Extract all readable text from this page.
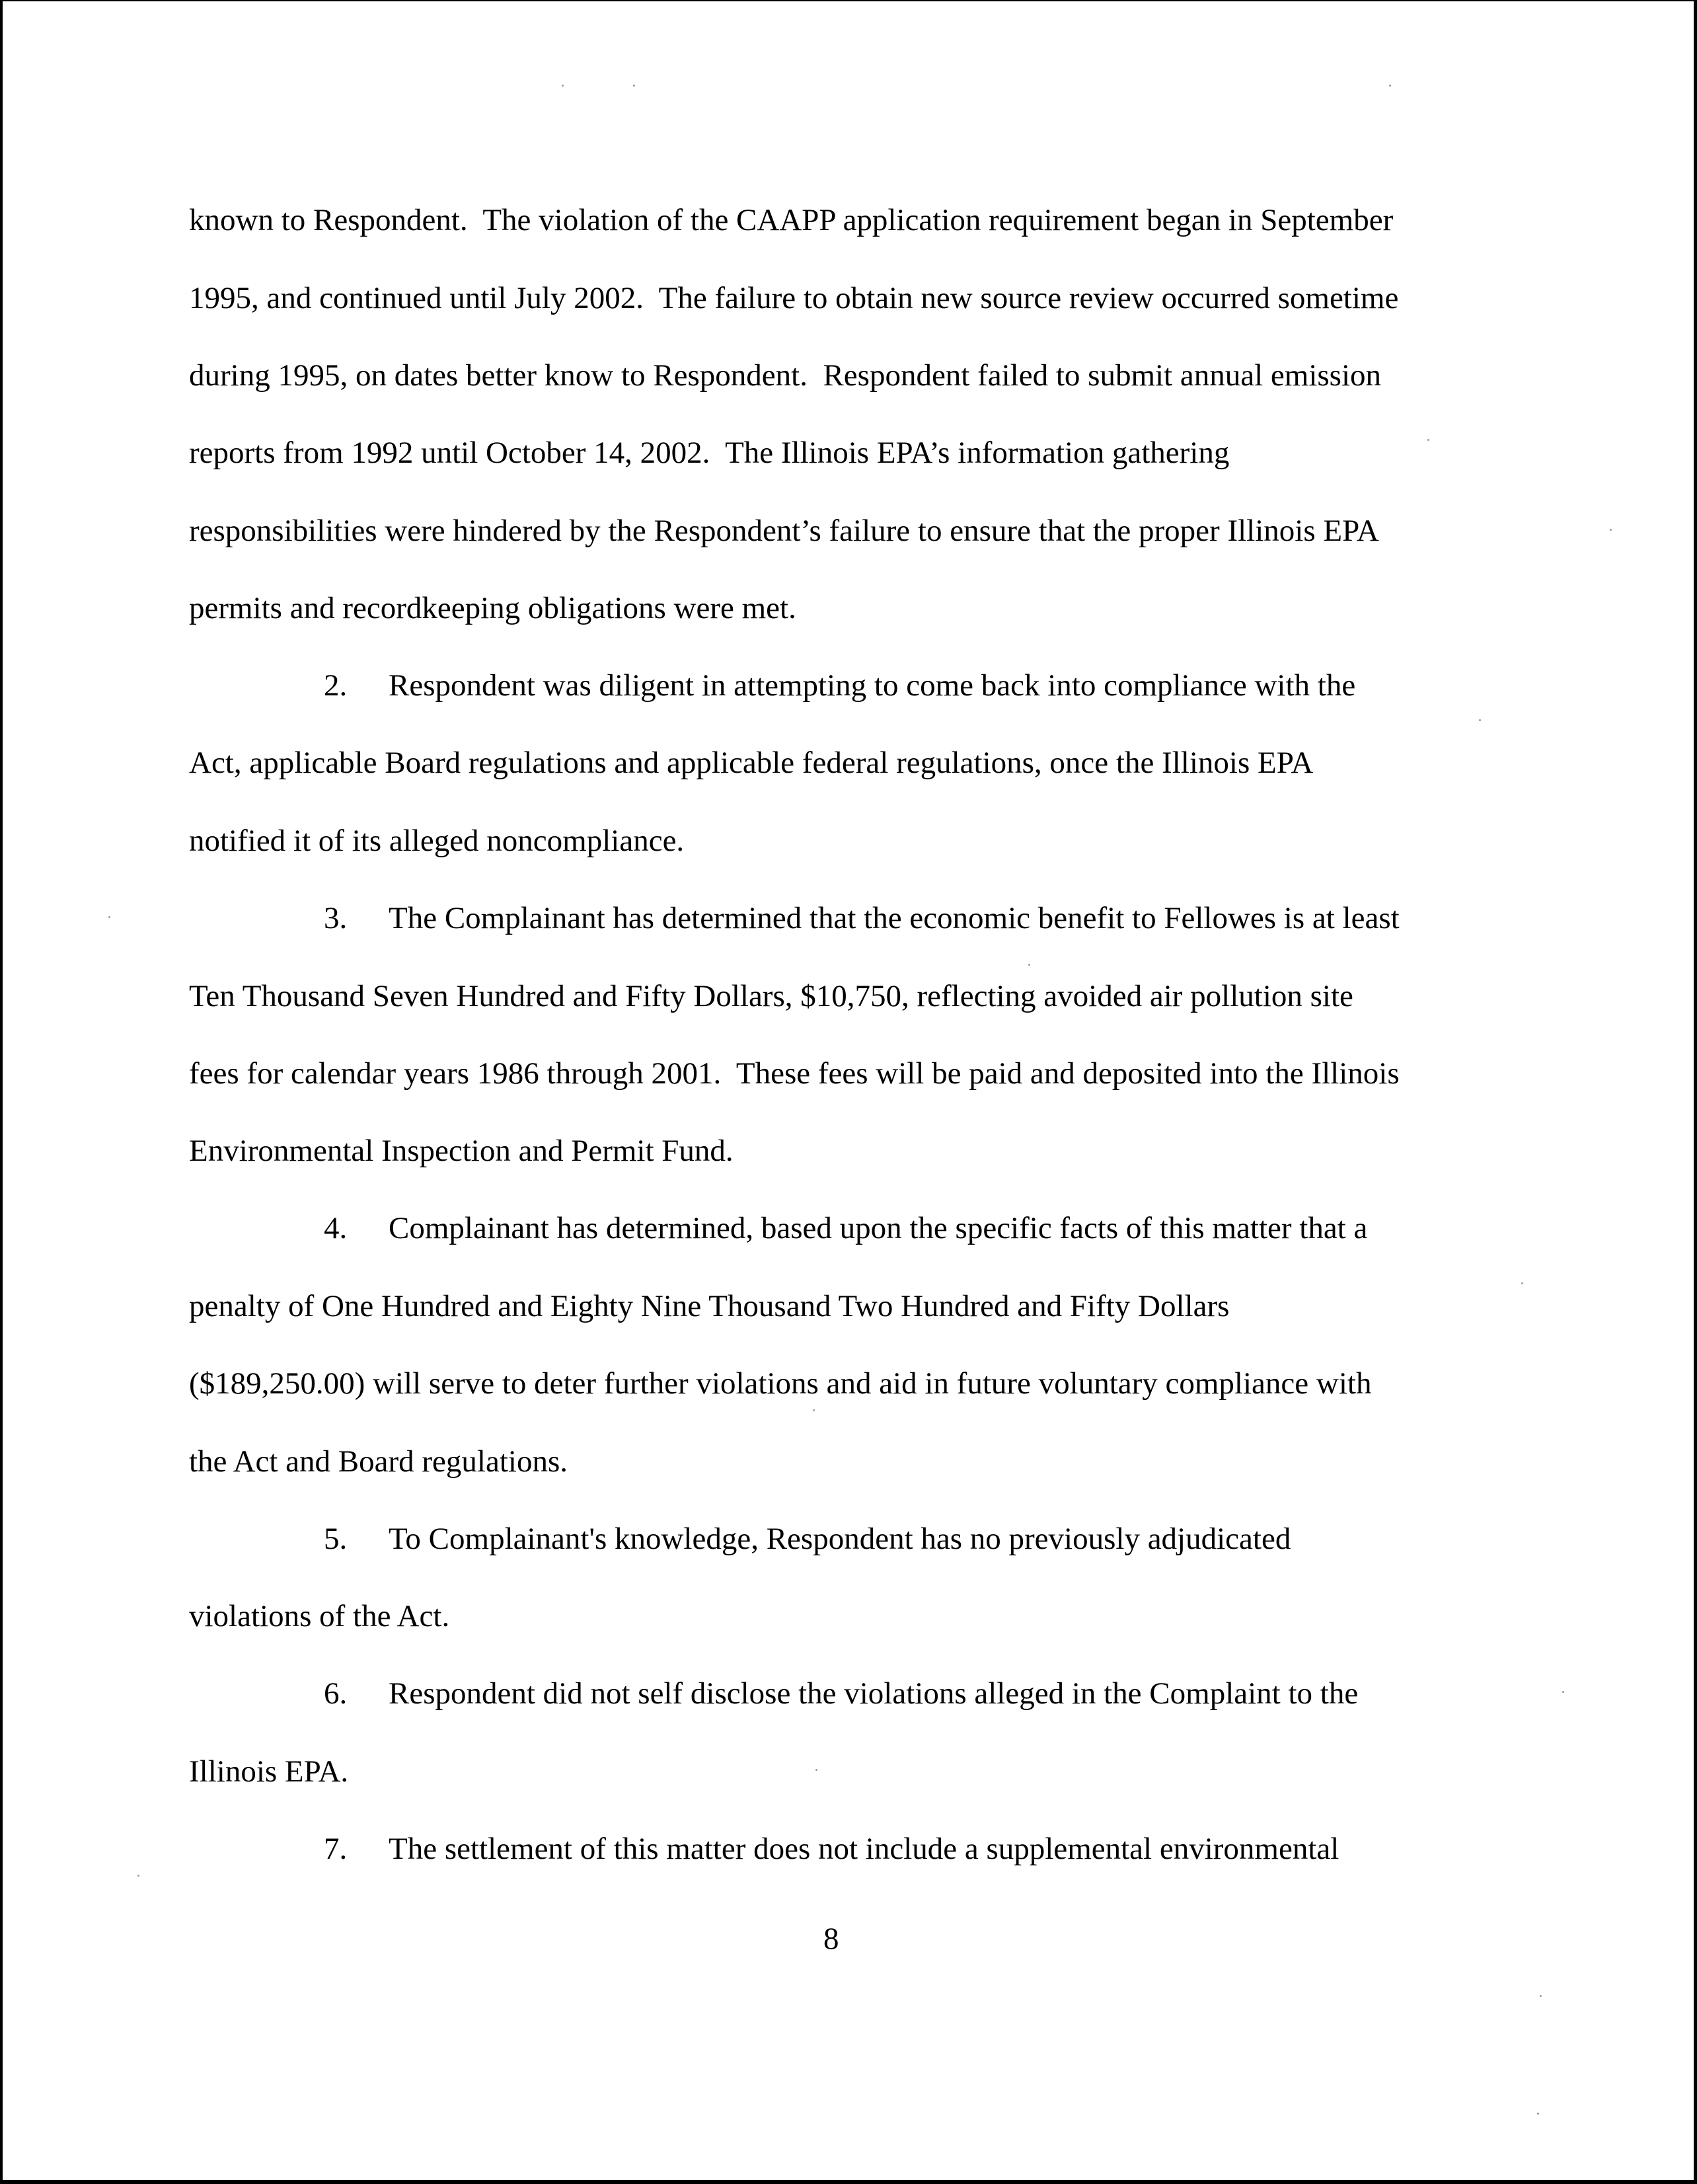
known to Respondent.  The violation of the CAAPP application requirement began in September
1995, and continued until July 2002.  The failure to obtain new source review occurred sometime
during 1995, on dates better know to Respondent.  Respondent failed to submit annual emission
reports from 1992 until October 14, 2002.  The Illinois EPA’s information gathering
responsibilities were hindered by the Respondent’s failure to ensure that the proper Illinois EPA
permits and recordkeeping obligations were met.
2. Respondent was diligent in attempting to come back into compliance with the
Act, applicable Board regulations and applicable federal regulations, once the Illinois EPA
notified it of its alleged noncompliance.
3. The Complainant has determined that the economic benefit to Fellowes is at least
Ten Thousand Seven Hundred and Fifty Dollars, $10,750, reflecting avoided air pollution site
fees for calendar years 1986 through 2001.  These fees will be paid and deposited into the Illinois
Environmental Inspection and Permit Fund.
4. Complainant has determined, based upon the specific facts of this matter that a
penalty of One Hundred and Eighty Nine Thousand Two Hundred and Fifty Dollars
($189,250.00) will serve to deter further violations and aid in future voluntary compliance with
the Act and Board regulations.
5. To Complainant's knowledge, Respondent has no previously adjudicated
violations of the Act.
6. Respondent did not self disclose the violations alleged in the Complaint to the
Illinois EPA.
7. The settlement of this matter does not include a supplemental environmental
8
